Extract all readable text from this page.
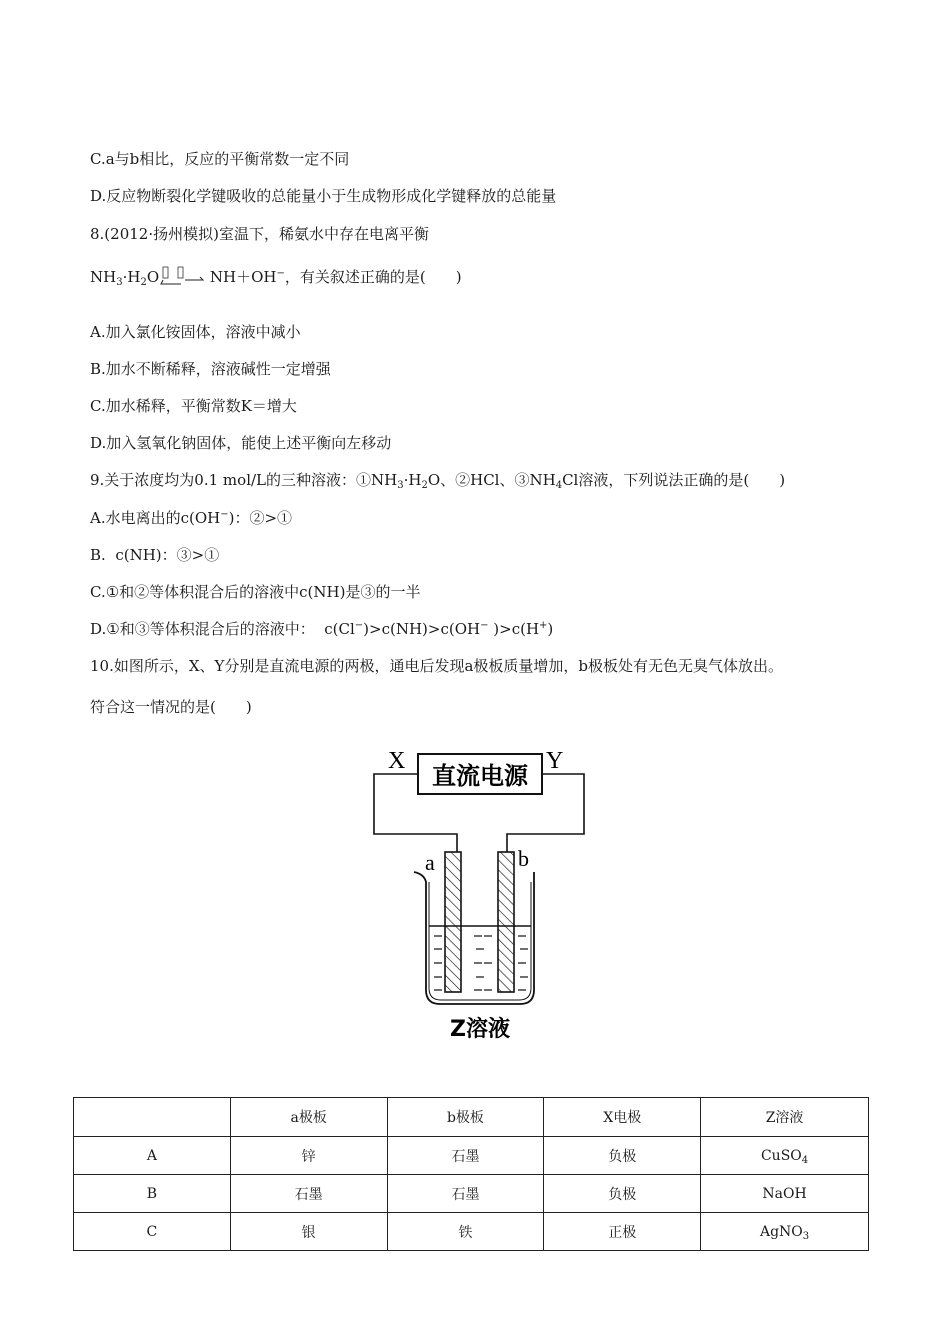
C.a与b相比，反应的平衡常数一定不同
D.反应物断裂化学键吸收的总能量小于生成物形成化学键释放的总能量
8.(2012·扬州模拟)室温下，稀氨水中存在电离平衡
$NH_3\cdot H_2O$	NH＋OH−，有关叙述正确的是(　　)
A.加入氯化铵固体，溶液中减小
B.加水不断稀释，溶液碱性一定增强
C.加水稀释，平衡常数K＝增大
D.加入氢氧化钠固体，能使上述平衡向左移动
9.关于浓度均为0.1 mol/L的三种溶液：$①NH_3\cdot H_2O$、②HCl、$③NH_4Cl$溶液，下列说法正确的是(　　)
A.水电离出的c(OH−)：②>①
B.  c(NH)：③>①
C.①和②等体积混合后的溶液中c(NH)是③的一半
D.①和③等体积混合后的溶液中：  c(Cl−)>c(NH)>c(OH− )>c(H+)
10.如图所示，X、Y分别是直流电源的两极，通电后发现a极板质量增加，b极板处有无色无臭气体放出。
符合这一情况的是(　　)
X	Y
直流电源
a	b
Z溶液
	a极板	b极板	X电极	Z溶液
A	锌	石墨	负极	CuSO$_4$
B	石墨	石墨	负极	NaOH
C	银	铁	正极	AgNO$_3$
